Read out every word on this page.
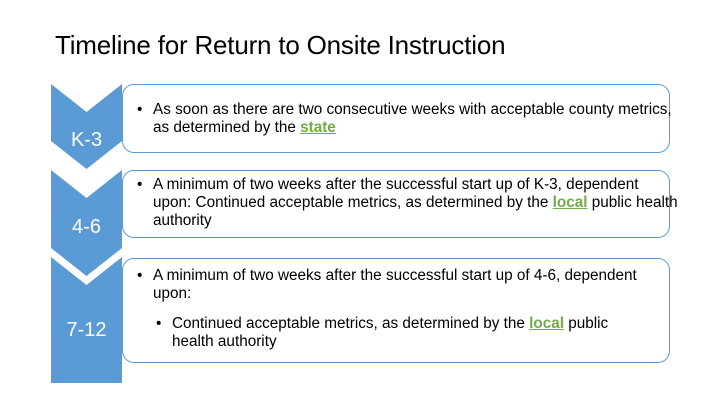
Timeline for Return to Onsite Instruction
K-3
• As soon as there are two consecutive weeks with acceptable county metrics, as determined by the state
4-6
• A minimum of two weeks after the successful start up of K-3, dependent upon: Continued acceptable metrics, as determined by the local public health authority
7-12
• A minimum of two weeks after the successful start up of 4-6, dependent upon:
• Continued acceptable metrics, as determined by the local public health authority
